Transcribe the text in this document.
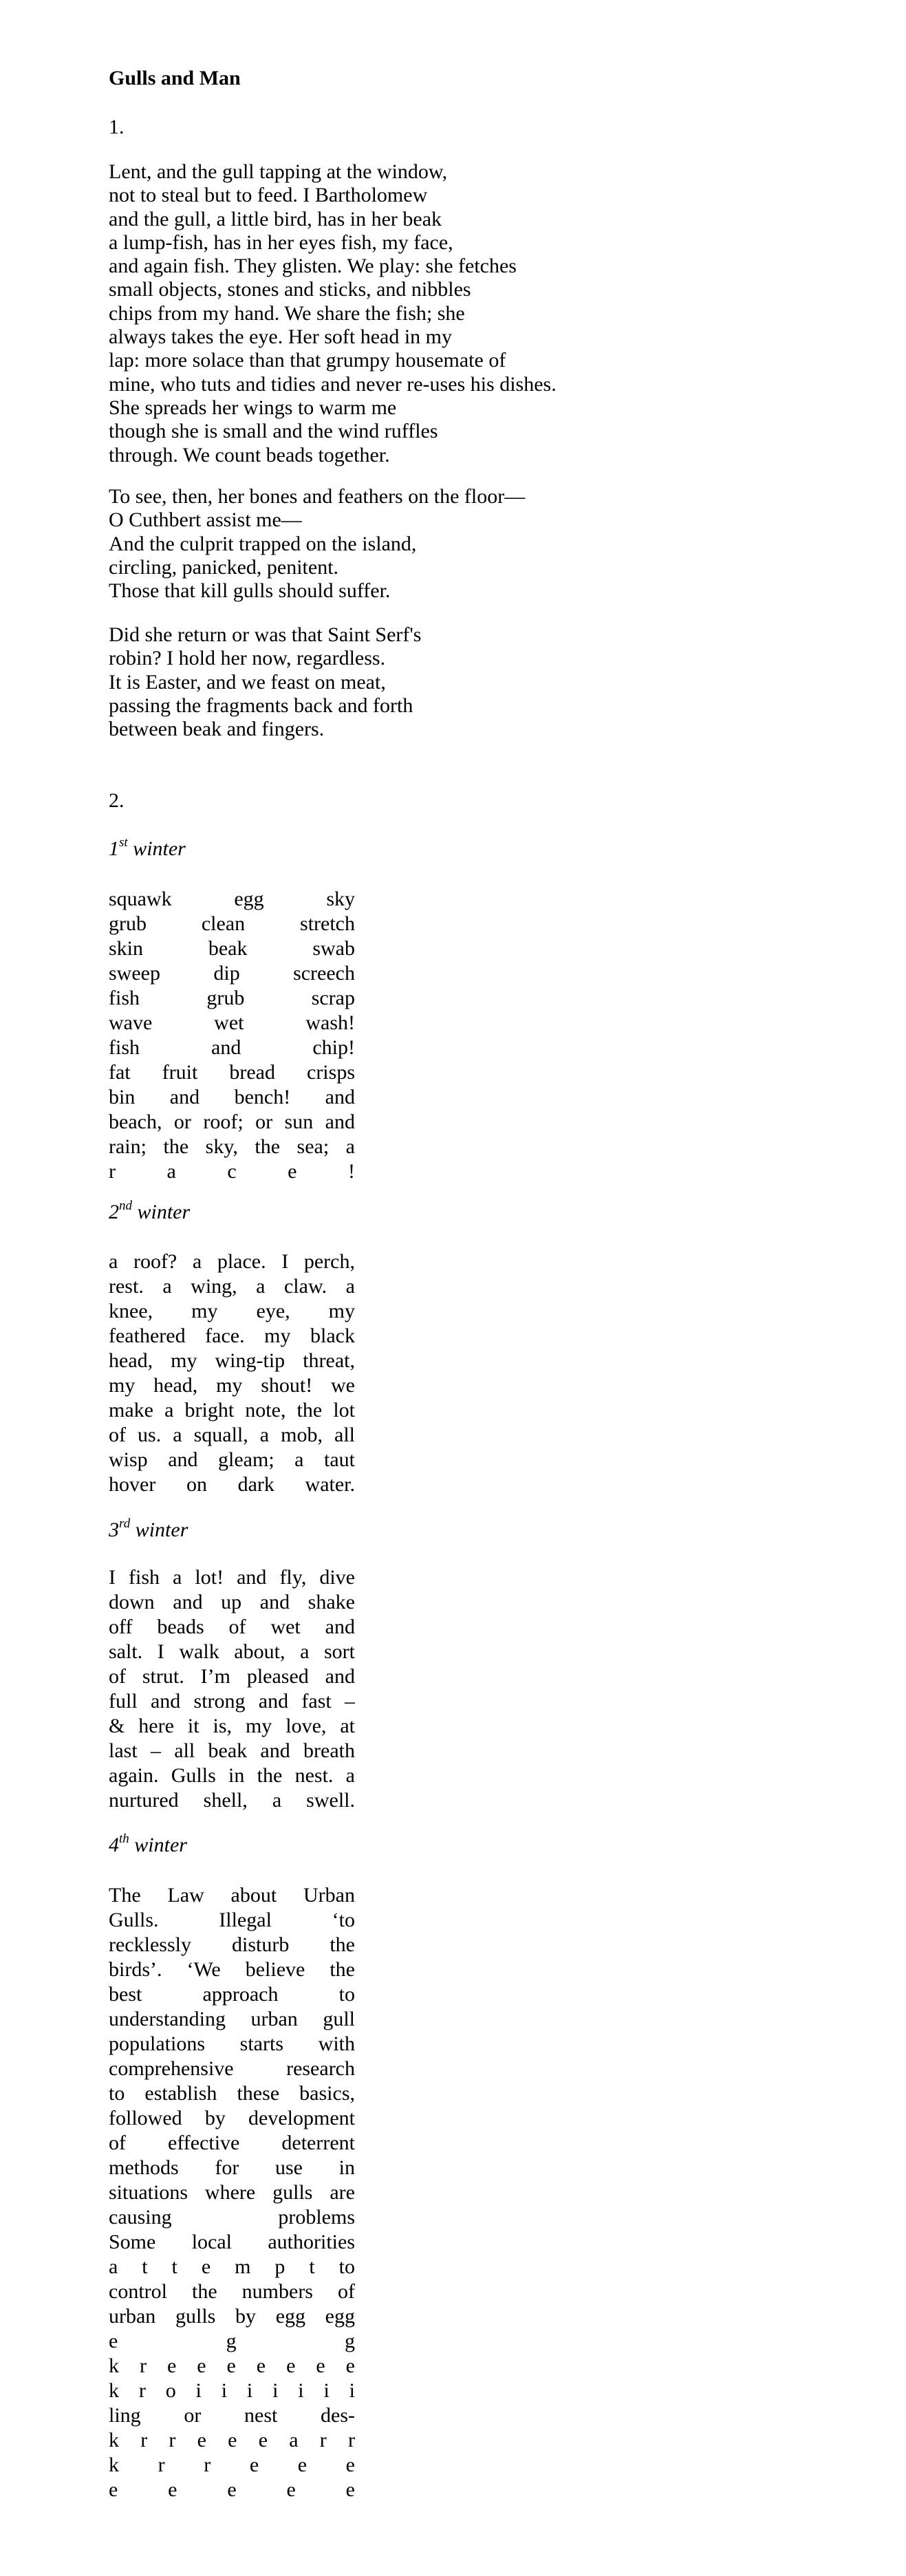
Gulls and Man
1.
Lent, and the gull tapping at the window,
not to steal but to feed. I Bartholomew
and the gull, a little bird, has in her beak
a lump-fish, has in her eyes fish, my face,
and again fish. They glisten. We play: she fetches
small objects, stones and sticks, and nibbles
chips from my hand. We share the fish; she
always takes the eye. Her soft head in my
lap: more solace than that grumpy housemate of
mine, who tuts and tidies and never re-uses his dishes.
She spreads her wings to warm me
though she is small and the wind ruffles
through. We count beads together.
To see, then, her bones and feathers on the floor—
O Cuthbert assist me—
And the culprit trapped on the island,
circling, panicked, penitent.
Those that kill gulls should suffer.
Did she return or was that Saint Serf's
robin? I hold her now, regardless.
It is Easter, and we feast on meat,
passing the fragments back and forth
between beak and fingers.
2.
1st winter
squawk egg sky
grub clean stretch
skin beak swab
sweep dip screech
fish grub scrap
wave wet wash!
fish and chip!
fat fruit bread crisps
bin and bench! and
beach, or roof; or sun and
rain; the sky, the sea; a
r a c e !
2nd winter
a roof? a place. I perch,
rest. a wing, a claw. a
knee, my eye, my
feathered face. my black
head, my wing-tip threat,
my head, my shout! we
make a bright note, the lot
of us. a squall, a mob, all
wisp and gleam; a taut
hover on dark water.
3rd winter
I fish a lot! and fly, dive
down and up and shake
off beads of wet and
salt. I walk about, a sort
of strut. I’m pleased and
full and strong and fast –
& here it is, my love, at
last – all beak and breath
again. Gulls in the nest. a
nurtured shell, a swell.
4th winter
The Law about Urban
Gulls. Illegal ‘to
recklessly disturb the
birds’. ‘We believe the
best approach to
understanding urban gull
populations starts with
comprehensive research
to establish these basics,
followed by development
of effective deterrent
methods for use in
situations where gulls are
causing problems
Some local authorities
a t t e m p t to
control the numbers of
urban gulls by egg egg
e g g
k r e e e e e e e
k r o i i i i i i i
ling or nest des-
k r r e e e a r r
k r r e e e
e e e e e
